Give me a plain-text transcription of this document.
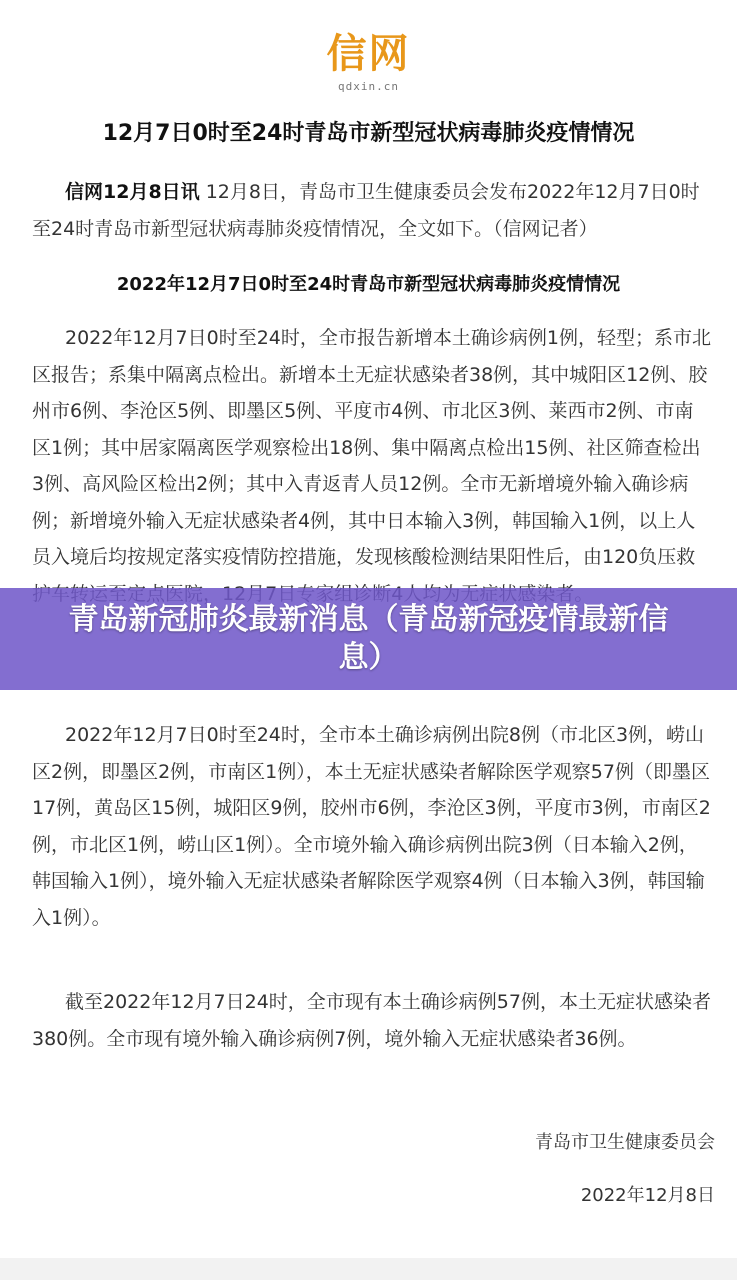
信网
qdxin.cn
12月7日0时至24时青岛市新型冠状病毒肺炎疫情情况

信网12月8日讯 12月8日，青岛市卫生健康委员会发布2022年12月7日0时至24时青岛市新型冠状病毒肺炎疫情情况，全文如下。（信网记者）

2022年12月7日0时至24时青岛市新型冠状病毒肺炎疫情情况

2022年12月7日0时至24时，全市报告新增本土确诊病例1例，轻型；系市北区报告；系集中隔离点检出。新增本土无症状感染者38例，其中城阳区12例、胶州市6例、李沧区5例、即墨区5例、平度市4例、市北区3例、莱西市2例、市南区1例；其中居家隔离医学观察检出18例、集中隔离点检出15例、社区筛查检出3例、高风险区检出2例；其中入青返青人员12例。全市无新增境外输入确诊病例；新增境外输入无症状感染者4例，其中日本输入3例，韩国输入1例，以上人员入境后均按规定落实疫情防控措施，发现核酸检测结果阳性后，由120负压救

2022年12月7日0时至24时，全市本土确诊病例出院8例（市北区3例，崂山区2例，即墨区2例，市南区1例），本土无症状感染者解除医学观察57例（即墨区17例，黄岛区15例，城阳区9例，胶州市6例，李沧区3例，平度市3例，市南区2例，市北区1例，崂山区1例）。全市境外输入确诊病例出院3例（日本输入2例，韩国输入1例），境外输入无症状感染者解除医学观察4例（日本输入3例，韩国输入1例）。

截至2022年12月7日24时，全市现有本土确诊病例57例，本土无症状感染者380例。全市现有境外输入确诊病例7例，境外输入无症状感染者36例。

青岛市卫生健康委员会
2022年12月8日
青岛新冠肺炎最新消息（青岛新冠疫情最新信息）
